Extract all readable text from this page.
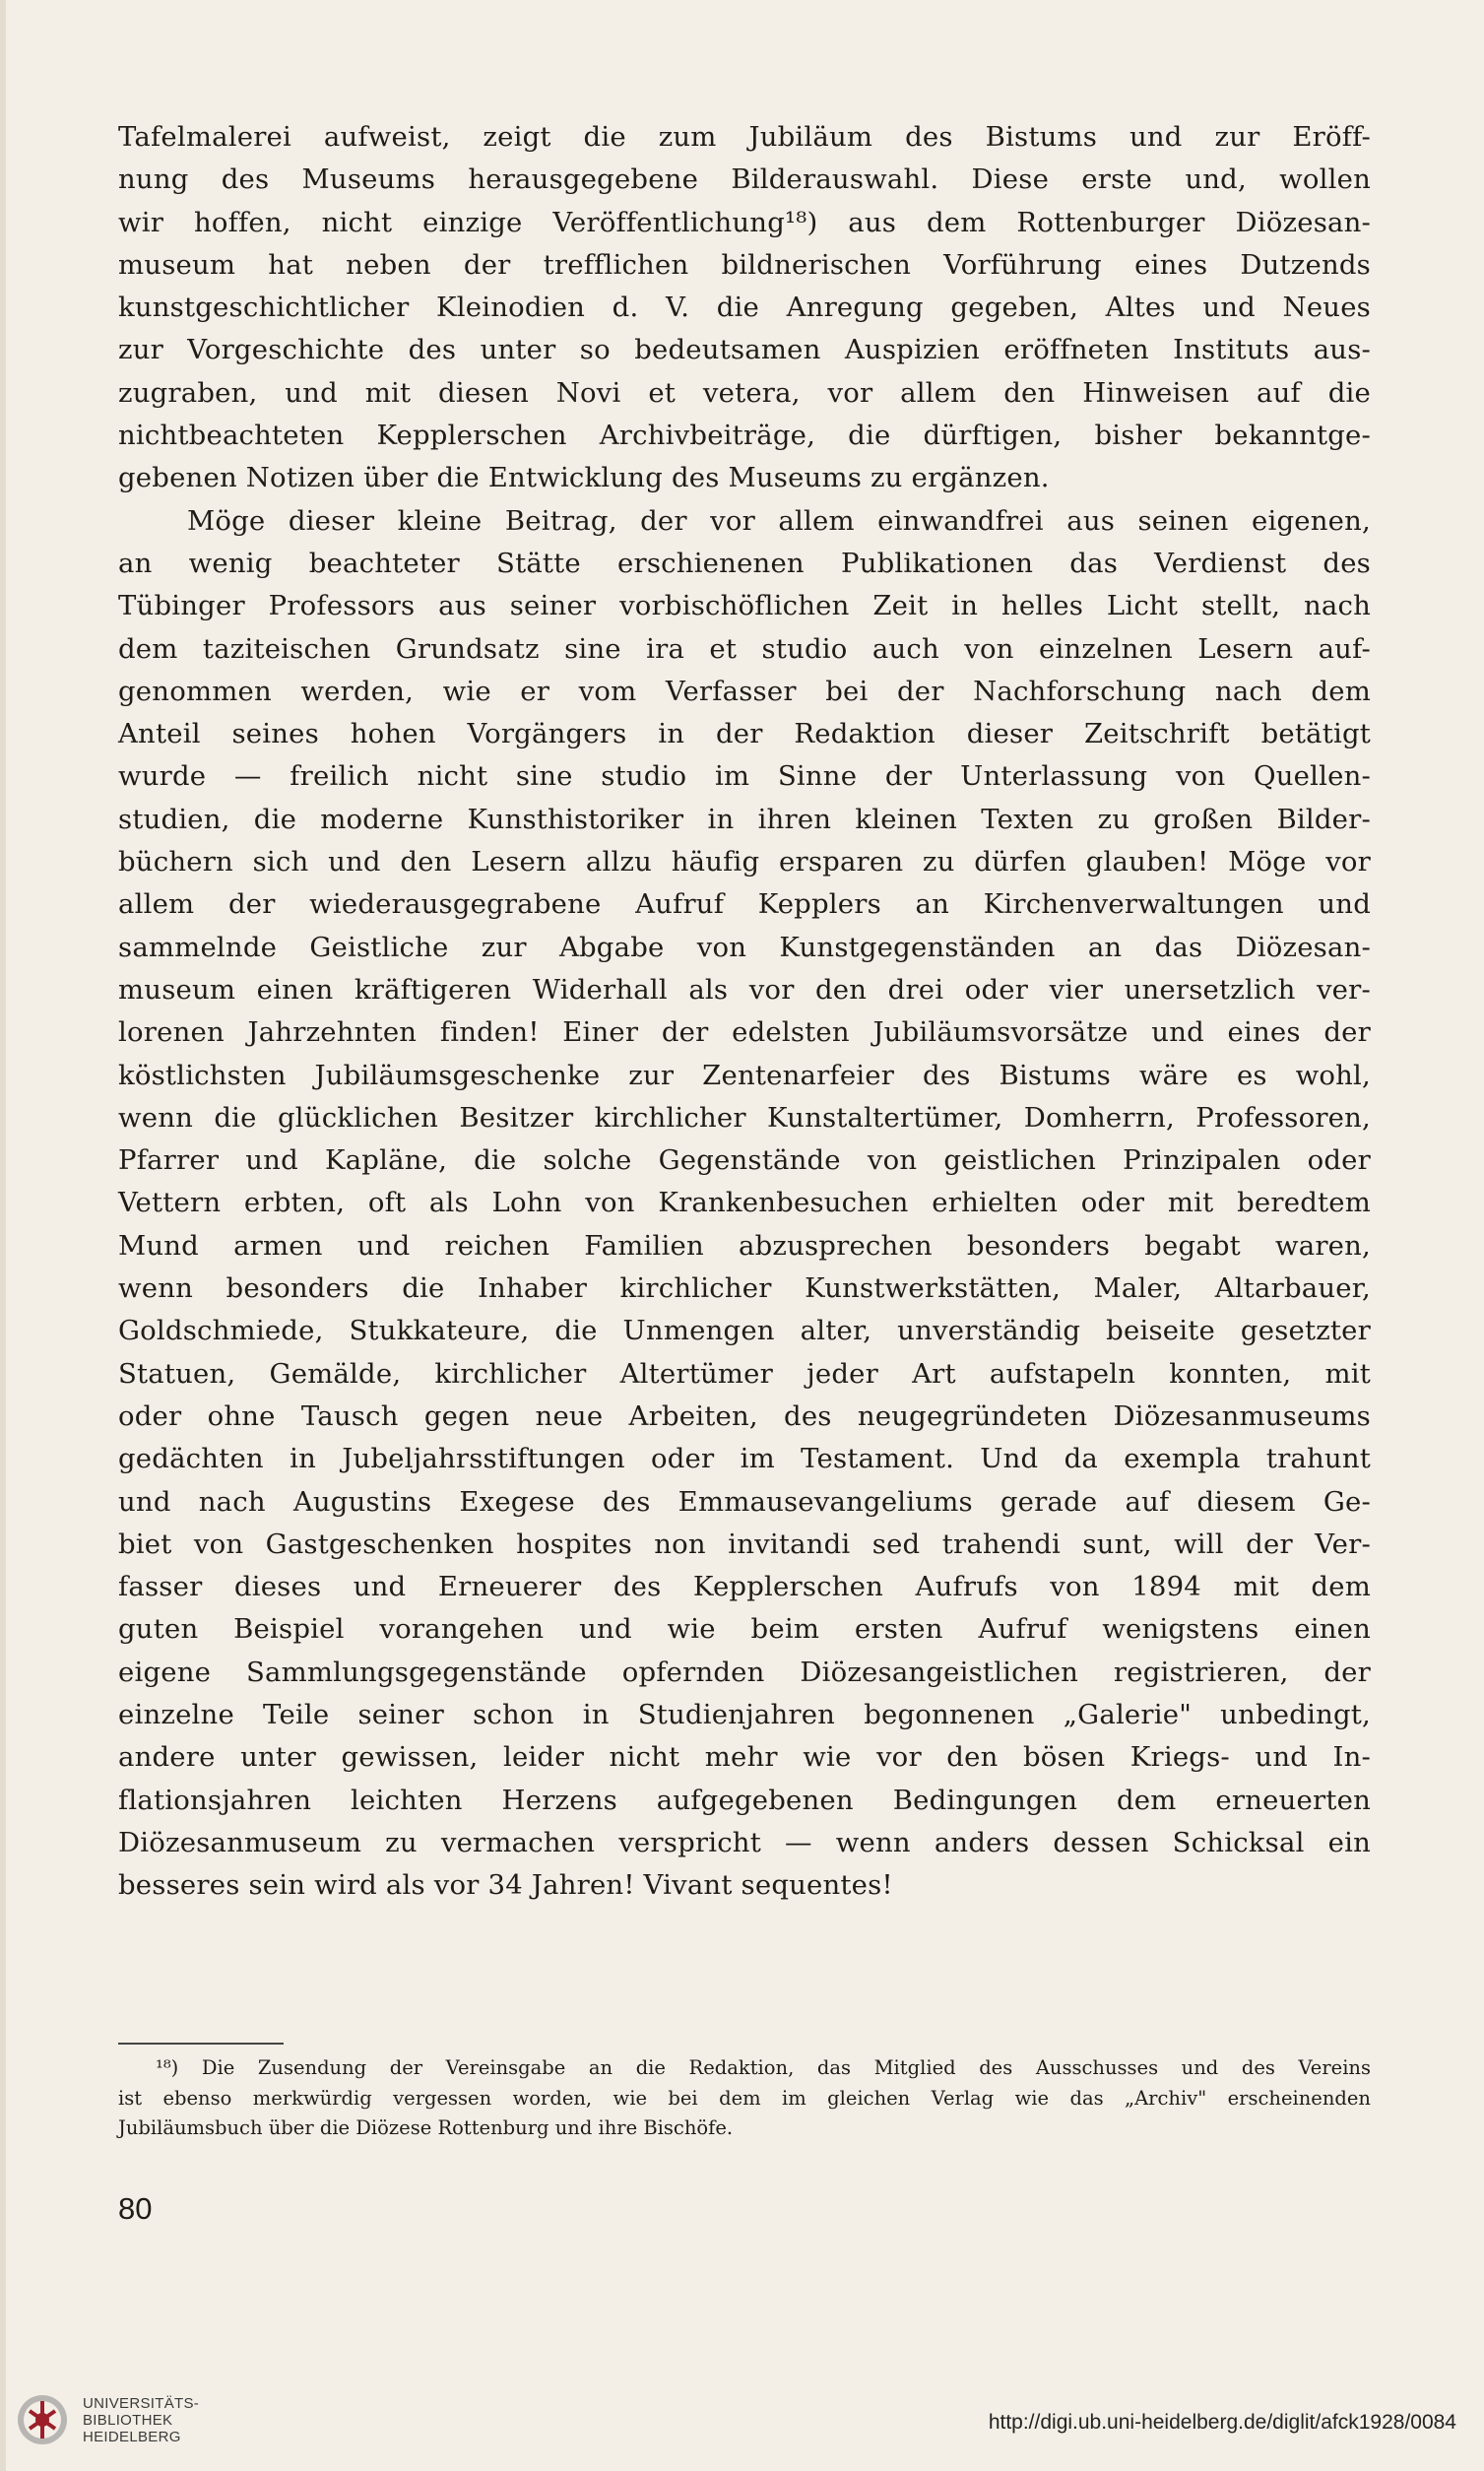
Tafelmalerei aufweist, zeigt die zum Jubiläum des Bistums und zur Eröff-
nung des Museums herausgegebene Bilderauswahl. Diese erste und, wollen
wir hoffen, nicht einzige Veröffentlichung¹⁸) aus dem Rottenburger Diözesan-
museum hat neben der trefflichen bildnerischen Vorführung eines Dutzends
kunstgeschichtlicher Kleinodien d. V. die Anregung gegeben, Altes und Neues
zur Vorgeschichte des unter so bedeutsamen Auspizien eröffneten Instituts aus-
zugraben, und mit diesen Novi et vetera, vor allem den Hinweisen auf die
nichtbeachteten Kepplerschen Archivbeiträge, die dürftigen, bisher bekanntge-
gebenen Notizen über die Entwicklung des Museums zu ergänzen.
Möge dieser kleine Beitrag, der vor allem einwandfrei aus seinen eigenen,
an wenig beachteter Stätte erschienenen Publikationen das Verdienst des
Tübinger Professors aus seiner vorbischöflichen Zeit in helles Licht stellt, nach
dem taziteischen Grundsatz sine ira et studio auch von einzelnen Lesern auf-
genommen werden, wie er vom Verfasser bei der Nachforschung nach dem
Anteil seines hohen Vorgängers in der Redaktion dieser Zeitschrift betätigt
wurde — freilich nicht sine studio im Sinne der Unterlassung von Quellen-
studien, die moderne Kunsthistoriker in ihren kleinen Texten zu großen Bilder-
büchern sich und den Lesern allzu häufig ersparen zu dürfen glauben! Möge vor
allem der wiederausgegrabene Aufruf Kepplers an Kirchenverwaltungen und
sammelnde Geistliche zur Abgabe von Kunstgegenständen an das Diözesan-
museum einen kräftigeren Widerhall als vor den drei oder vier unersetzlich ver-
lorenen Jahrzehnten finden! Einer der edelsten Jubiläumsvorsätze und eines der
köstlichsten Jubiläumsgeschenke zur Zentenarfeier des Bistums wäre es wohl,
wenn die glücklichen Besitzer kirchlicher Kunstaltertümer, Domherrn, Professoren,
Pfarrer und Kapläne, die solche Gegenstände von geistlichen Prinzipalen oder
Vettern erbten, oft als Lohn von Krankenbesuchen erhielten oder mit beredtem
Mund armen und reichen Familien abzusprechen besonders begabt waren,
wenn besonders die Inhaber kirchlicher Kunstwerkstätten, Maler, Altarbauer,
Goldschmiede, Stukkateure, die Unmengen alter, unverständig beiseite gesetzter
Statuen, Gemälde, kirchlicher Altertümer jeder Art aufstapeln konnten, mit
oder ohne Tausch gegen neue Arbeiten, des neugegründeten Diözesanmuseums
gedächten in Jubeljahrsstiftungen oder im Testament. Und da exempla trahunt
und nach Augustins Exegese des Emmausevangeliums gerade auf diesem Ge-
biet von Gastgeschenken hospites non invitandi sed trahendi sunt, will der Ver-
fasser dieses und Erneuerer des Kepplerschen Aufrufs von 1894 mit dem
guten Beispiel vorangehen und wie beim ersten Aufruf wenigstens einen
eigene Sammlungsgegenstände opfernden Diözesangeistlichen registrieren, der
einzelne Teile seiner schon in Studienjahren begonnenen „Galerie" unbedingt,
andere unter gewissen, leider nicht mehr wie vor den bösen Kriegs- und In-
flationsjahren leichten Herzens aufgegebenen Bedingungen dem erneuerten
Diözesanmuseum zu vermachen verspricht — wenn anders dessen Schicksal ein
besseres sein wird als vor 34 Jahren! Vivant sequentes!
¹⁸) Die Zusendung der Vereinsgabe an die Redaktion, das Mitglied des Ausschusses und des Vereins
ist ebenso merkwürdig vergessen worden, wie bei dem im gleichen Verlag wie das „Archiv" erscheinenden
Jubiläumsbuch über die Diözese Rottenburg und ihre Bischöfe.
80
UNIVERSITÄTS-
BIBLIOTHEK
HEIDELBERG
http://digi.ub.uni-heidelberg.de/diglit/afck1928/0084
